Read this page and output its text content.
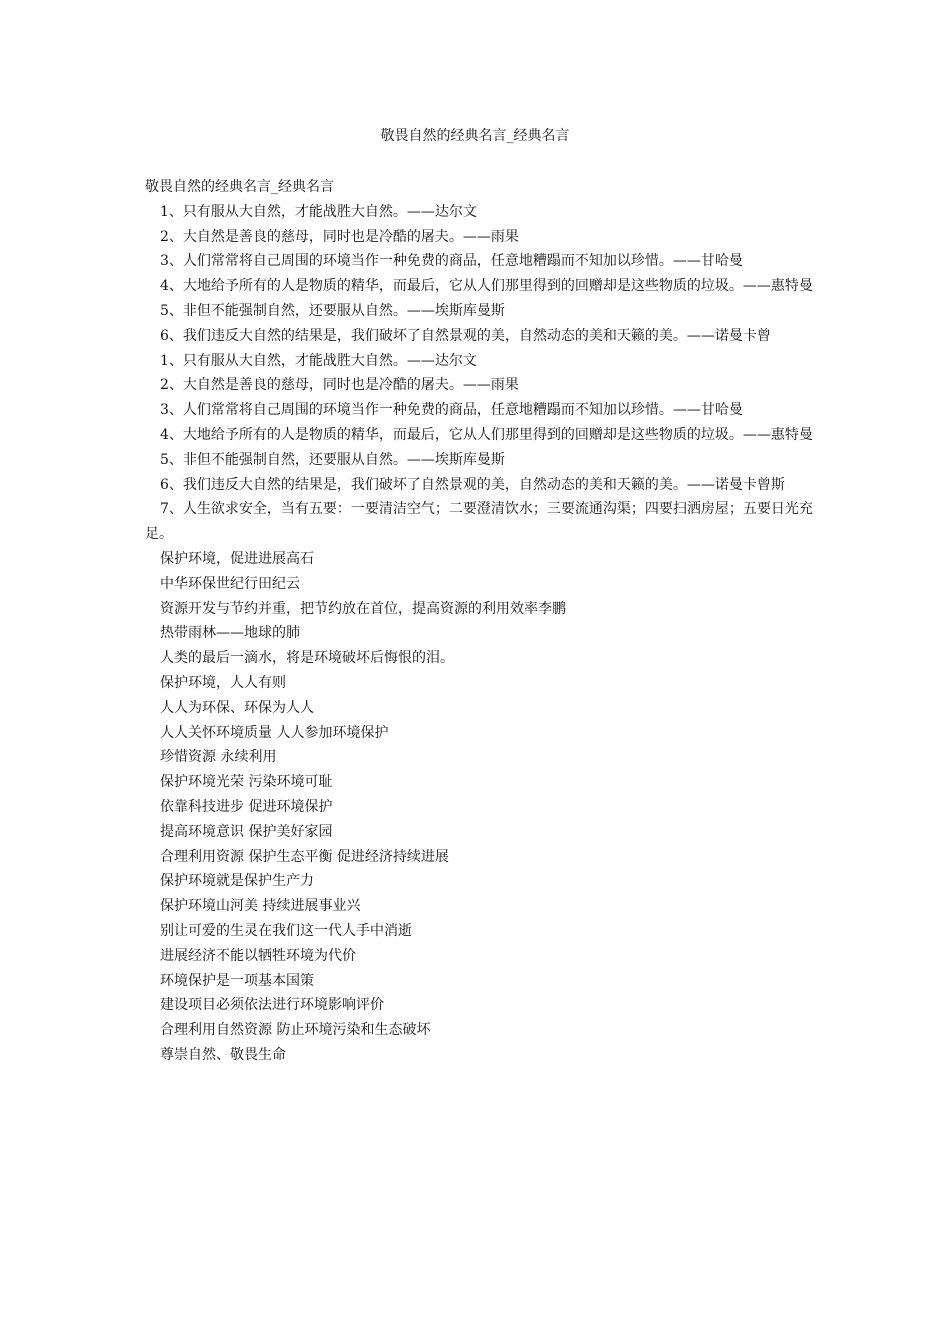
敬畏自然的经典名言_经典名言
敬畏自然的经典名言_经典名言
1、只有服从大自然，才能战胜大自然。——达尔文
2、大自然是善良的慈母，同时也是冷酷的屠夫。——雨果
3、人们常常将自己周围的环境当作一种免费的商品，任意地糟蹋而不知加以珍惜。——甘哈曼
4、大地给予所有的人是物质的精华，而最后，它从人们那里得到的回赠却是这些物质的垃圾。——惠特曼
5、非但不能强制自然，还要服从自然。——埃斯库曼斯
6、我们违反大自然的结果是，我们破坏了自然景观的美，自然动态的美和天籁的美。——诺曼卡曾
1、只有服从大自然，才能战胜大自然。——达尔文
2、大自然是善良的慈母，同时也是冷酷的屠夫。——雨果
3、人们常常将自己周围的环境当作一种免费的商品，任意地糟蹋而不知加以珍惜。——甘哈曼
4、大地给予所有的人是物质的精华，而最后，它从人们那里得到的回赠却是这些物质的垃圾。——惠特曼
5、非但不能强制自然，还要服从自然。——埃斯库曼斯
6、我们违反大自然的结果是，我们破坏了自然景观的美，自然动态的美和天籁的美。——诺曼卡曾斯
7、人生欲求安全，当有五要：一要清洁空气；二要澄清饮水；三要流通沟渠；四要扫洒房屋；五要日光充足。
保护环境，促进进展高石
中华环保世纪行田纪云
资源开发与节约并重，把节约放在首位，提高资源的利用效率李鹏
热带雨林——地球的肺
人类的最后一滴水，将是环境破坏后悔恨的泪。
保护环境，人人有则
人人为环保、环保为人人
人人关怀环境质量 人人参加环境保护
珍惜资源 永续利用
保护环境光荣 污染环境可耻
依靠科技进步 促进环境保护
提高环境意识 保护美好家园
合理利用资源 保护生态平衡 促进经济持续进展
保护环境就是保护生产力
保护环境山河美 持续进展事业兴
别让可爱的生灵在我们这一代人手中消逝
进展经济不能以牺牲环境为代价
环境保护是一项基本国策
建设项目必须依法进行环境影响评价
合理利用自然资源 防止环境污染和生态破坏
尊崇自然、敬畏生命
